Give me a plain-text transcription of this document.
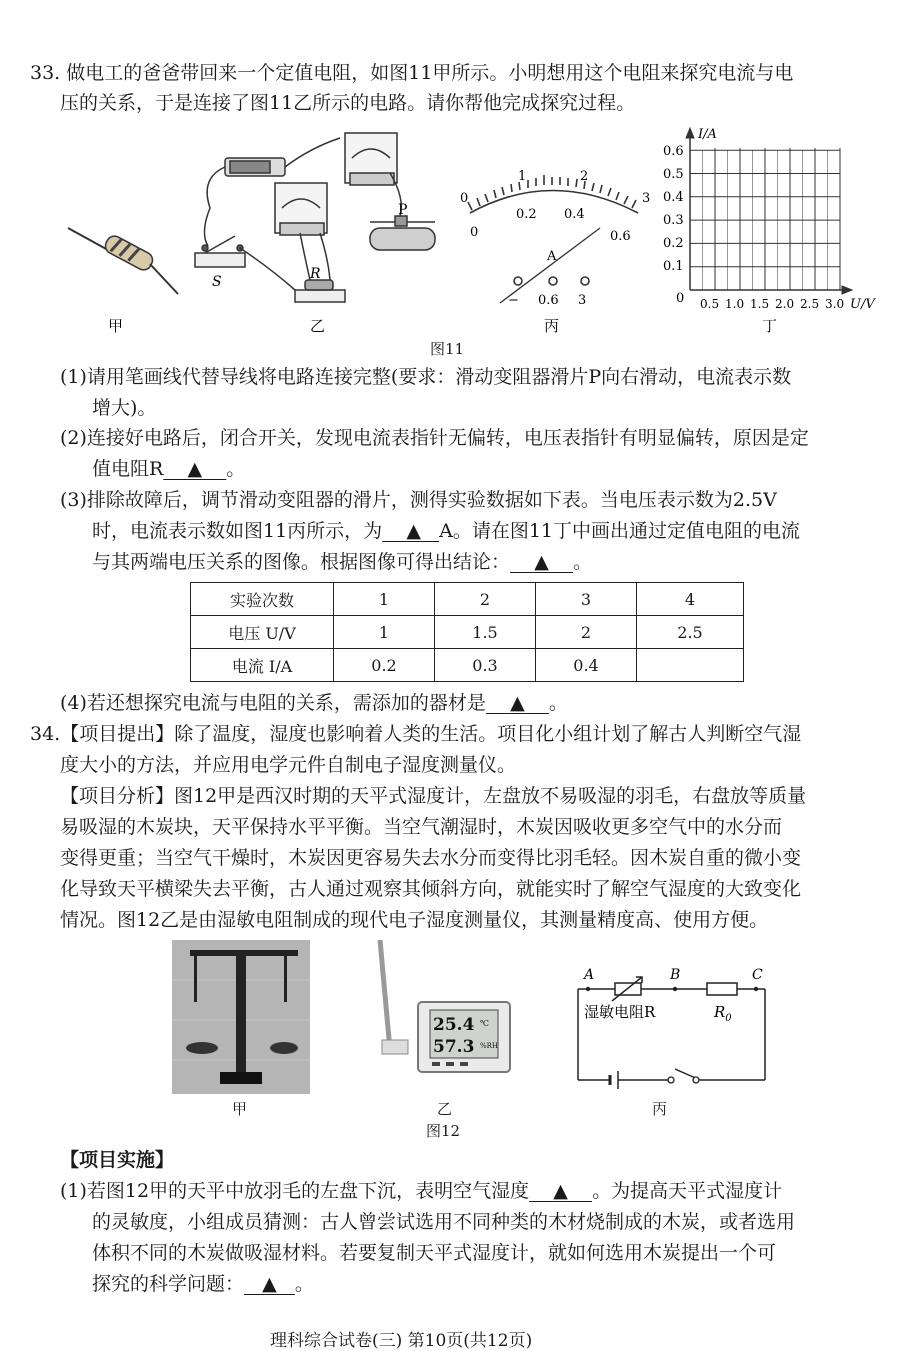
33. 做电工的爸爸带回来一个定值电阻，如图11甲所示。小明想用这个电阻来探究电流与电
压的关系，于是连接了图11乙所示的电路。请你帮他完成探究过程。
甲
S	R
P
乙
0
1	2
3
0
0.2 0.4
0.6
A
− 0.6 3
丙
I/A
U/V
0
0.6
0.5
0.4
0.3
0.2
0.1
0.5 1.0 1.5 2.0 2.5 3.0
丁
图11
(1)请用笔画线代替导线将电路连接完整(要求：滑动变阻器滑片P向右滑动，电流表示数
增大)。
(2)连接好电路后，闭合开关，发现电流表指针无偏转，电压表指针有明显偏转，原因是定
值电阻R ▲ 。
(3)排除故障后，调节滑动变阻器的滑片，测得实验数据如下表。当电压表示数为2.5V
时，电流表示数如图11丙所示，为 ▲ A。请在图11丁中画出通过定值电阻的电流
与其两端电压关系的图像。根据图像可得出结论： ▲ 。
实验次数	1	2	3	4
电压 U/V	1	1.5	2	2.5
电流 I/A	0.2	0.3	0.4	
(4)若还想探究电流与电阻的关系，需添加的器材是 ▲ 。
34.【项目提出】除了温度，湿度也影响着人类的生活。项目化小组计划了解古人判断空气湿
度大小的方法，并应用电学元件自制电子湿度测量仪。
【项目分析】图12甲是西汉时期的天平式湿度计，左盘放不易吸湿的羽毛，右盘放等质量
易吸湿的木炭块，天平保持水平平衡。当空气潮湿时，木炭因吸收更多空气中的水分而
变得更重；当空气干燥时，木炭因更容易失去水分而变得比羽毛轻。因木炭自重的微小变
化导致天平横梁失去平衡，古人通过观察其倾斜方向，就能实时了解空气湿度的大致变化
情况。图12乙是由湿敏电阻制成的现代电子湿度测量仪，其测量精度高、使用方便。
甲
25.4 ℃
57.3 %RH
乙
A	B	C
湿敏电阻R	$R_0$
丙
图12
【项目实施】
(1)若图12甲的天平中放羽毛的左盘下沉，表明空气湿度 ▲ 。为提高天平式湿度计
的灵敏度，小组成员猜测：古人曾尝试选用不同种类的木材烧制成的木炭，或者选用
体积不同的木炭做吸湿材料。若要复制天平式湿度计，就如何选用木炭提出一个可
探究的科学问题： ▲ 。
理科综合试卷(三) 第10页(共12页)
